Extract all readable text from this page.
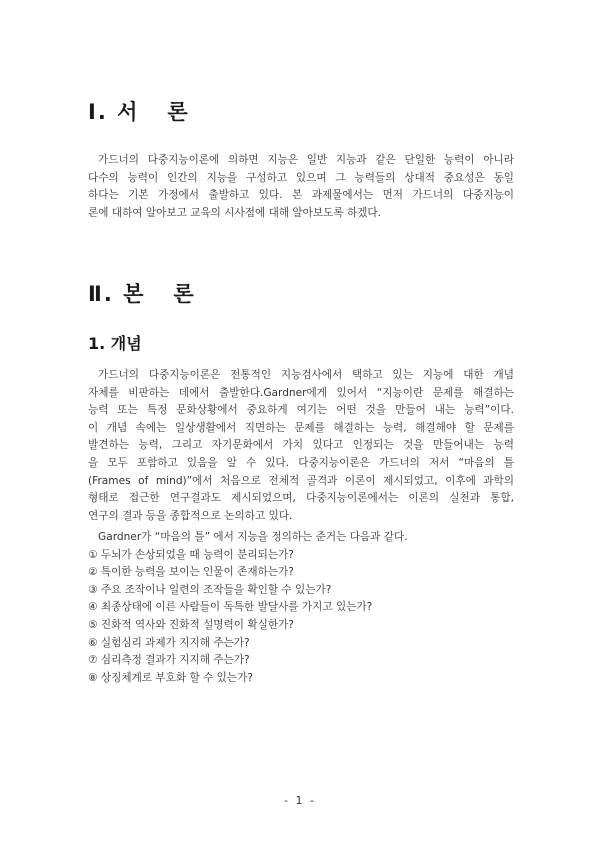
Ⅰ. 서   론
가드너의 다중지능이론에 의하면 지능은 일반 지능과 같은 단일한 능력이 아니라
다수의 능력이 인간의 지능을 구성하고 있으며 그 능력들의 상대적 중요성은 동일
하다는 기본 가정에서 출발하고 있다. 본 과제물에서는 먼저 가드너의 다중지능이
론에 대하여 알아보고 교육의 시사점에 대해 알아보도록 하겠다.
Ⅱ. 본   론
1. 개념
가드너의 다중지능이론은 전통적인 지능검사에서 택하고 있는 지능에 대한 개념
자체를 비판하는 데에서 출발한다.Gardner에게 있어서 “지능이란 문제를 해결하는
능력 또는 특정 문화상황에서 중요하게 여기는 어떤 것을 만들어 내는 능력”이다.
이 개념 속에는 일상생활에서 직면하는 문제를 해결하는 능력, 해결해야 할 문제를
발견하는 능력, 그리고 자기문화에서 가치 있다고 인정되는 것을 만들어내는 능력
을 모두 포함하고 있음을 알 수 있다. 다중지능이론은 가드너의 저서 “마음의 틀
(Frames of mind)”에서 처음으로 전체적 골격과 이론이 제시되었고, 이후에 과학의
형태로 접근한 연구결과도 제시되었으며, 다중지능이론에서는 이론의 실천과 통합,
연구의 결과 등을 종합적으로 논의하고 있다.
Gardner가 “마음의 틀” 에서 지능을 정의하는 준거는 다음과 같다.
① 두뇌가 손상되었을 때 능력이 분리되는가?
② 특이한 능력을 보이는 인물이 존재하는가?
③ 주요 조작이나 일련의 조작들을 확인할 수 있는가?
④ 최종상태에 이른 사람들이 독특한 발달사를 가지고 있는가?
⑤ 진화적 역사와 진화적 설명력이 확실한가?
⑥ 실험심리 과제가 지지해 주는가?
⑦ 심리측정 결과가 지지해 주는가?
⑧ 상징체계로 부호화 할 수 있는가?
- 1 -
